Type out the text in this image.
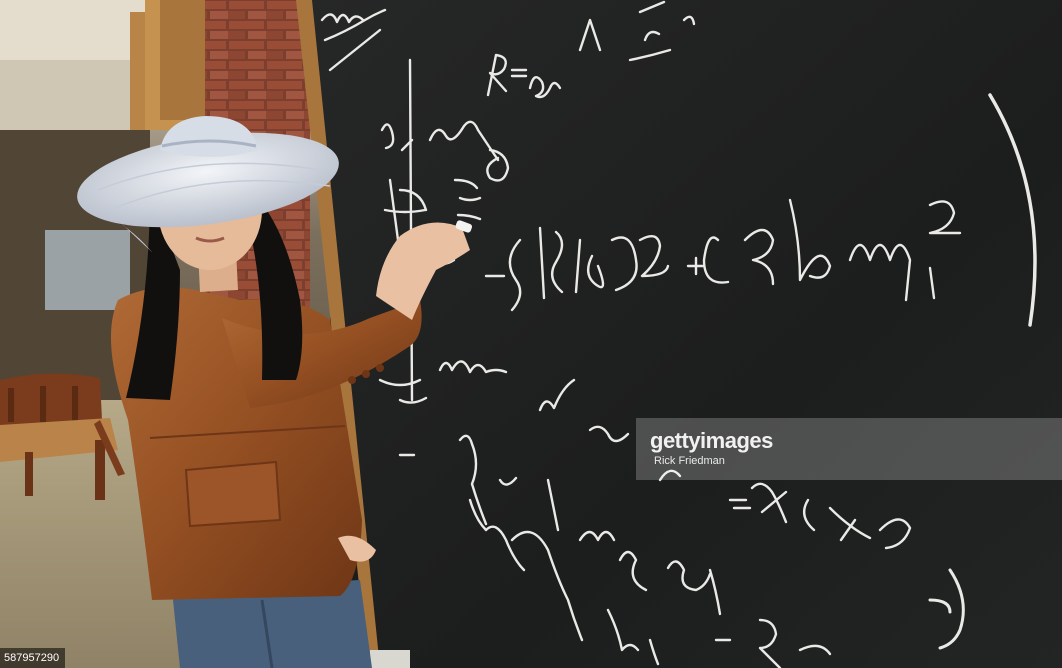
gettyimages
Rick Friedman
587957290
